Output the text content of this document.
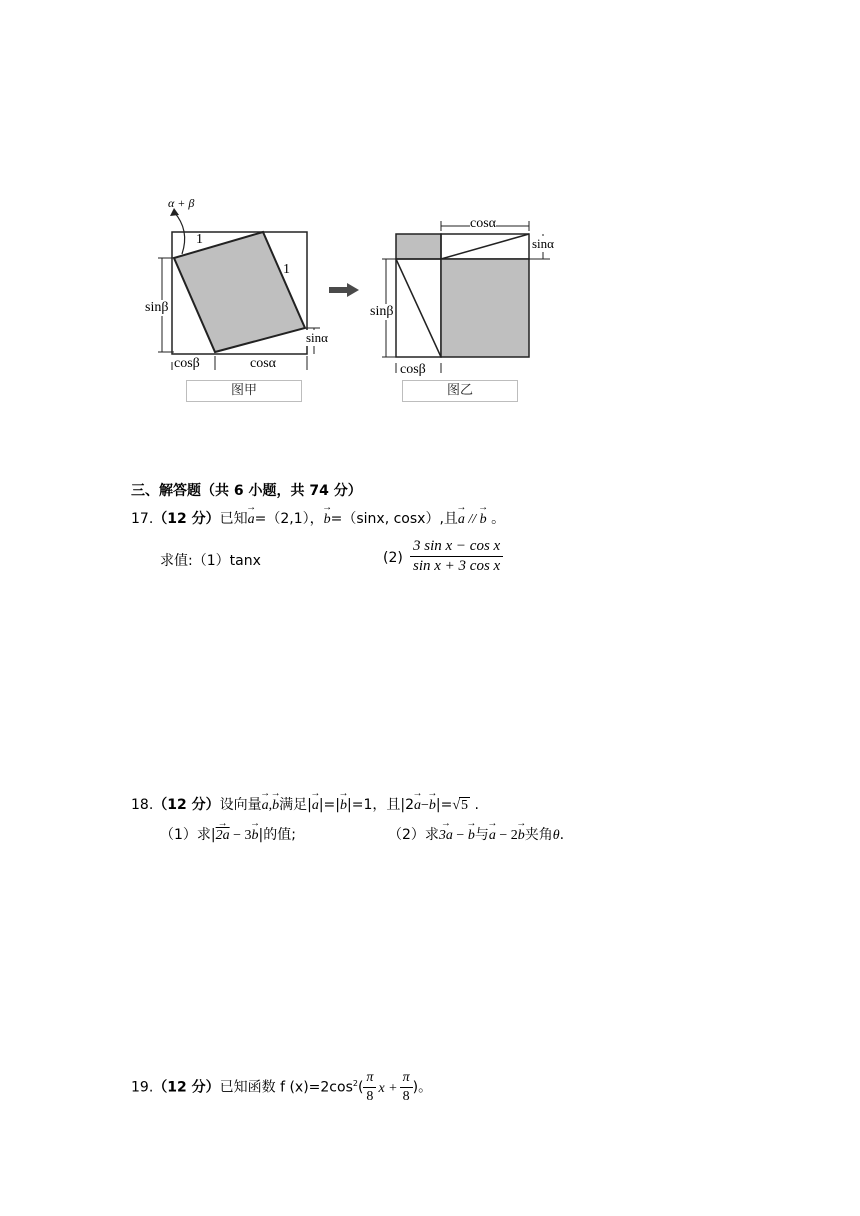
α + β
1
1
sinβ
cosβ	cosα
sinα
图甲
cosα
sinα
sinβ
cosβ
图乙
三、解答题（共 6 小题，共 74 分）
17.（12 分）已知→ a=（2,1），→ b=（sinx, cosx）,且→ a // → b 。
求值:（1）tanx	$(2) \frac{\text{3 sin x − cos x}}{\text{sin x + 3 cos x}}$
18.（12 分）设向量→ a,→ b满足|→ a|=|→ b|=1，且|2→ a−→ b|=√5 .
（1）求|→ 2a − 3→ b|的值;	（2）求→ 3a − → b与→ a − 2→ b夹角θ.
19.（12 分）已知函数 f $(x)=2\cos^2( \frac{\pi}{8}$ $x + \frac{\pi}{8}$ )。
